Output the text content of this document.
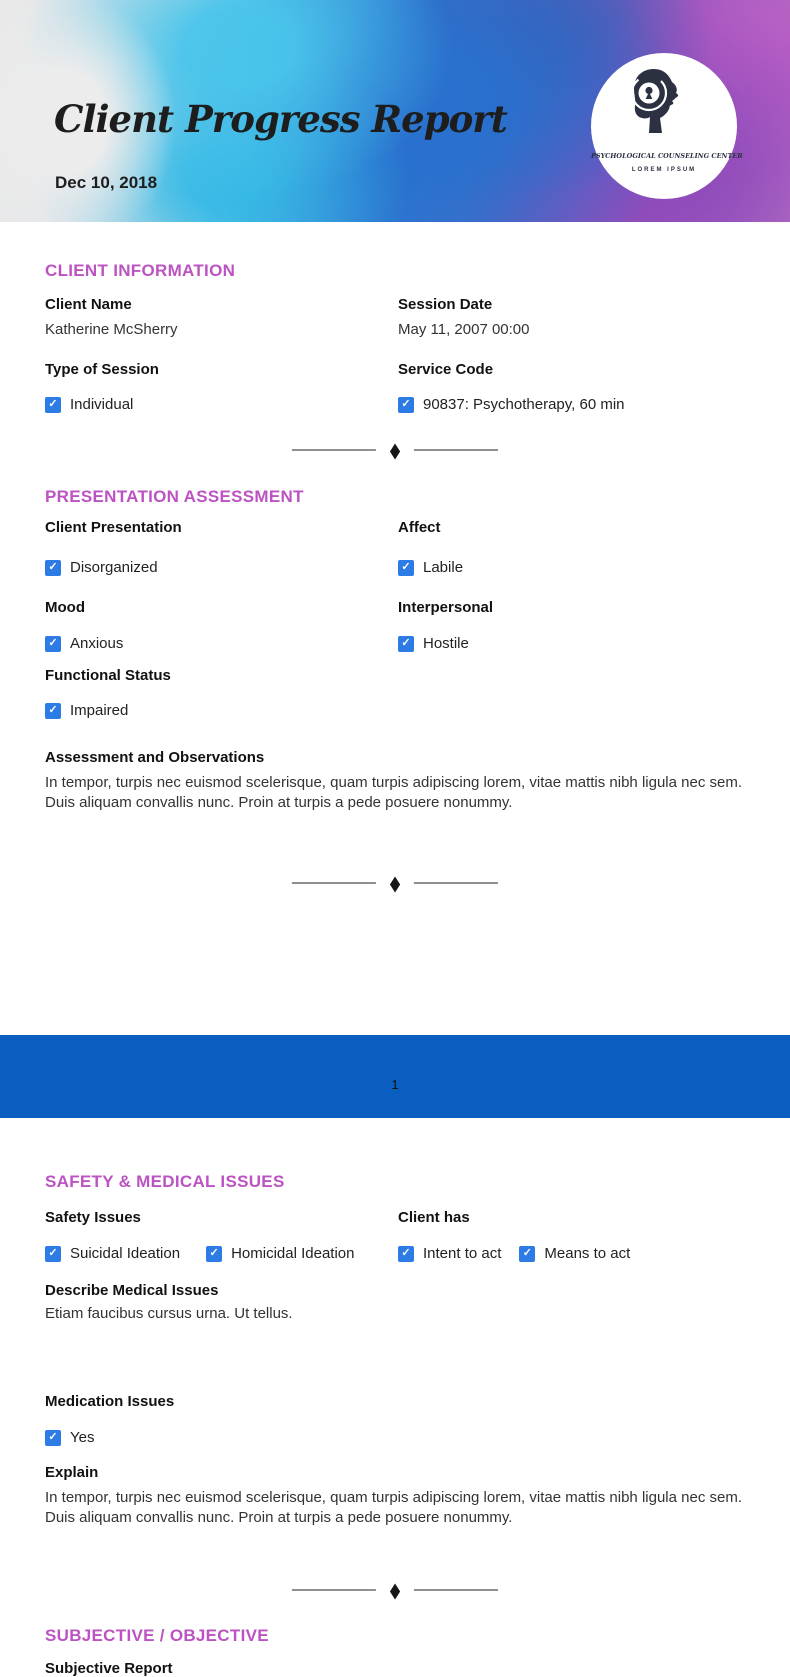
Client Progress Report
Dec 10, 2018
PSYCHOLOGICAL COUNSELING CENTER
LOREM IPSUM
CLIENT INFORMATION
Client Name	Session Date
Katherine McSherry	May 11, 2007 00:00
Type of Session	Service Code
✓ Individual	✓ 90837: Psychotherapy, 60 min
◆
PRESENTATION ASSESSMENT
Client Presentation	Affect
✓ Disorganized	✓ Labile
Mood	Interpersonal
✓ Anxious	✓ Hostile
Functional Status
✓ Impaired
Assessment and Observations
In tempor, turpis nec euismod scelerisque, quam turpis adipiscing lorem, vitae mattis nibh ligula nec sem. Duis aliquam convallis nunc. Proin at turpis a pede posuere nonummy.
◆
1
SAFETY & MEDICAL ISSUES
Safety Issues	Client has
✓ Suicidal Ideation	✓ Homicidal Ideation	✓ Intent to act ✓ Means to act
Describe Medical Issues
Etiam faucibus cursus urna. Ut tellus.
Medication Issues
✓ Yes
Explain
In tempor, turpis nec euismod scelerisque, quam turpis adipiscing lorem, vitae mattis nibh ligula nec sem. Duis aliquam convallis nunc. Proin at turpis a pede posuere nonummy.
◆
SUBJECTIVE / OBJECTIVE
Subjective Report
